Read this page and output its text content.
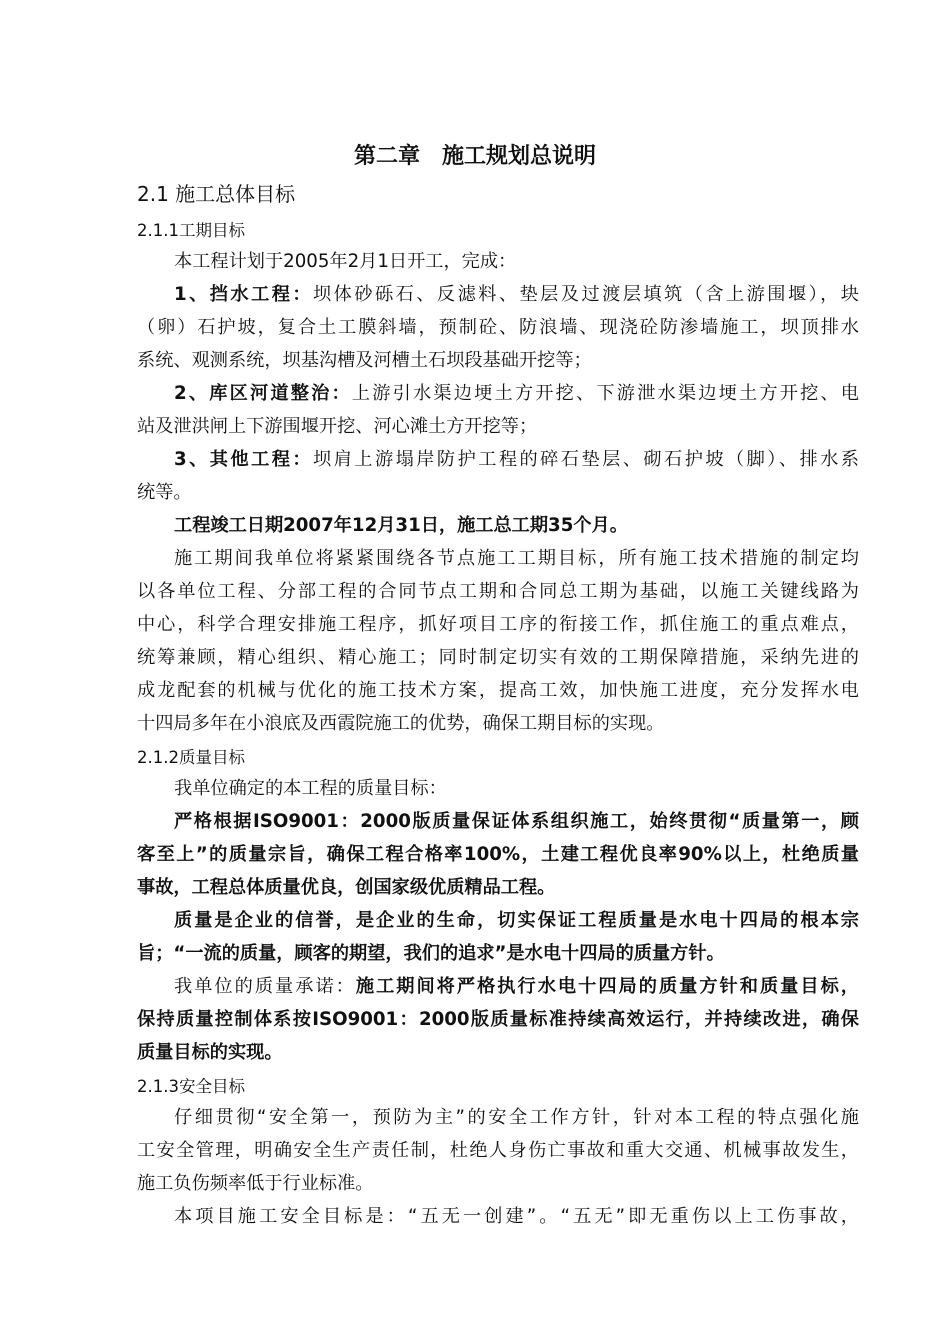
第二章　施工规划总说明
2.1 施工总体目标
2.1.1工期目标
本工程计划于2005年2月1日开工，完成：
1、挡水工程：坝体砂砾石、反滤料、垫层及过渡层填筑（含上游围堰），块
（卵）石护坡，复合土工膜斜墙，预制砼、防浪墙、现浇砼防渗墙施工，坝顶排水
系统、观测系统，坝基沟槽及河槽土石坝段基础开挖等；
2、库区河道整治：上游引水渠边埂土方开挖、下游泄水渠边埂土方开挖、电
站及泄洪闸上下游围堰开挖、河心滩土方开挖等；
3、其他工程：坝肩上游塌岸防护工程的碎石垫层、砌石护坡（脚）、排水系
统等。
工程竣工日期2007年12月31日，施工总工期35个月。
施工期间我单位将紧紧围绕各节点施工工期目标，所有施工技术措施的制定均
以各单位工程、分部工程的合同节点工期和合同总工期为基础，以施工关键线路为
中心，科学合理安排施工程序，抓好项目工序的衔接工作，抓住施工的重点难点，
统筹兼顾，精心组织、精心施工；同时制定切实有效的工期保障措施，采纳先进的
成龙配套的机械与优化的施工技术方案，提高工效，加快施工进度，充分发挥水电
十四局多年在小浪底及西霞院施工的优势，确保工期目标的实现。
2.1.2质量目标
我单位确定的本工程的质量目标：
严格根据ISO9001：2000版质量保证体系组织施工，始终贯彻“质量第一，顾
客至上”的质量宗旨，确保工程合格率100%，土建工程优良率90%以上，杜绝质量
事故，工程总体质量优良，创国家级优质精品工程。
质量是企业的信誉，是企业的生命，切实保证工程质量是水电十四局的根本宗
旨；“一流的质量，顾客的期望，我们的追求”是水电十四局的质量方针。
我单位的质量承诺：施工期间将严格执行水电十四局的质量方针和质量目标，
保持质量控制体系按ISO9001：2000版质量标准持续高效运行，并持续改进，确保
质量目标的实现。
2.1.3安全目标
仔细贯彻“安全第一，预防为主”的安全工作方针，针对本工程的特点强化施
工安全管理，明确安全生产责任制，杜绝人身伤亡事故和重大交通、机械事故发生，
施工负伤频率低于行业标准。
本项目施工安全目标是：“五无一创建”。“五无”即无重伤以上工伤事故，
